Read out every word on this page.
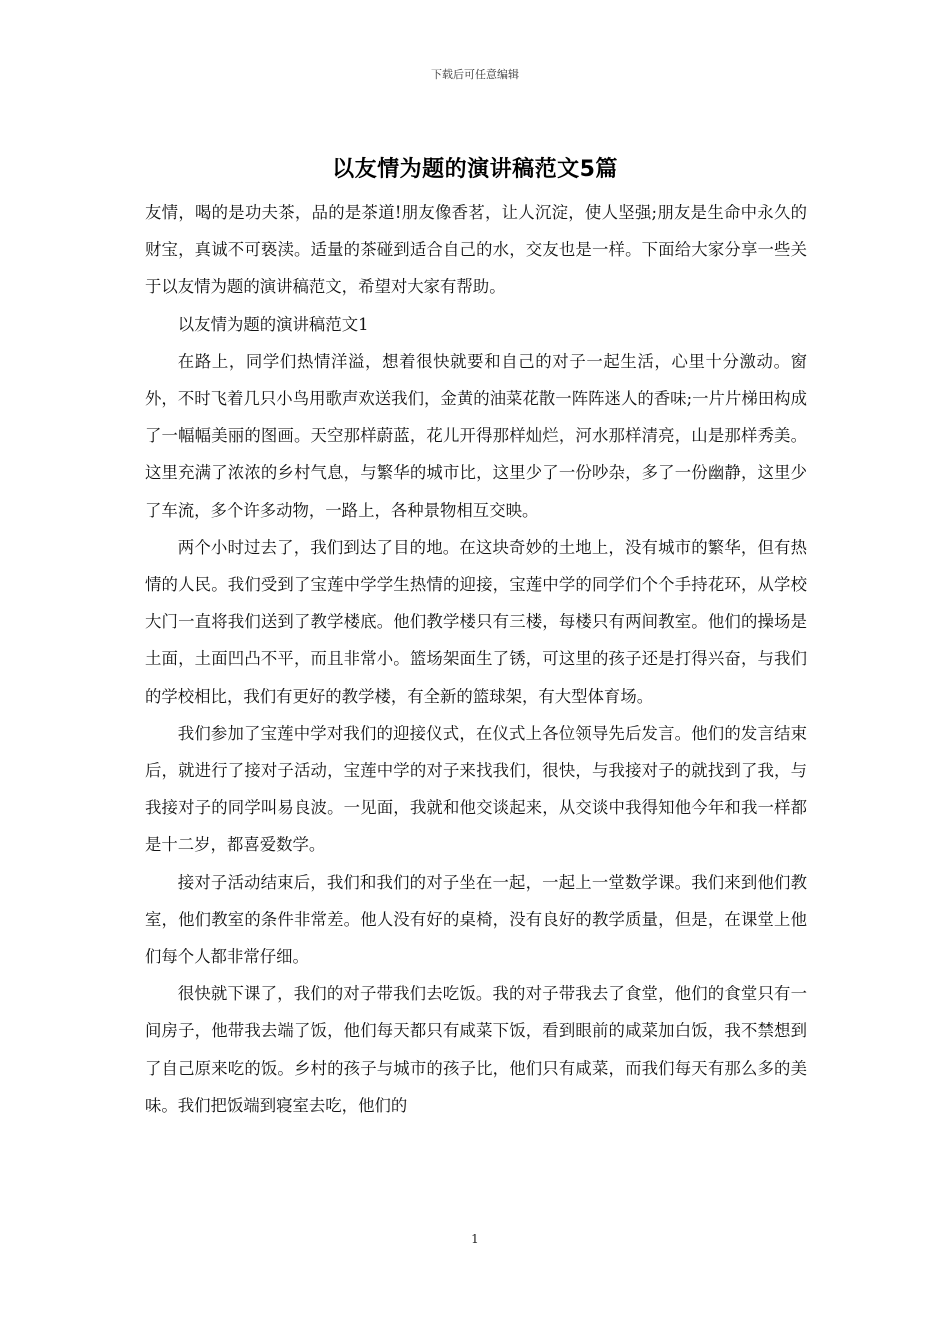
下载后可任意编辑
以友情为题的演讲稿范文5篇

友情，喝的是功夫茶，品的是茶道!朋友像香茗，让人沉淀，使人坚强;朋友是生命中永久的财宝，真诚不可亵渎。适量的茶碰到适合自己的水，交友也是一样。下面给大家分享一些关于以友情为题的演讲稿范文，希望对大家有帮助。

以友情为题的演讲稿范文1

在路上，同学们热情洋溢，想着很快就要和自己的对子一起生活，心里十分激动。窗外，不时飞着几只小鸟用歌声欢送我们，金黄的油菜花散一阵阵迷人的香味;一片片梯田构成了一幅幅美丽的图画。天空那样蔚蓝，花儿开得那样灿烂，河水那样清亮，山是那样秀美。这里充满了浓浓的乡村气息，与繁华的城市比，这里少了一份吵杂，多了一份幽静，这里少了车流，多个许多动物，一路上，各种景物相互交映。

两个小时过去了，我们到达了目的地。在这块奇妙的土地上，没有城市的繁华，但有热情的人民。我们受到了宝莲中学学生热情的迎接，宝莲中学的同学们个个手持花环，从学校大门一直将我们送到了教学楼底。他们教学楼只有三楼，每楼只有两间教室。他们的操场是土面，土面凹凸不平，而且非常小。篮场架面生了锈，可这里的孩子还是打得兴奋，与我们的学校相比，我们有更好的教学楼，有全新的篮球架，有大型体育场。

我们参加了宝莲中学对我们的迎接仪式，在仪式上各位领导先后发言。他们的发言结束后，就进行了接对子活动，宝莲中学的对子来找我们，很快，与我接对子的就找到了我，与我接对子的同学叫易良波。一见面，我就和他交谈起来，从交谈中我得知他今年和我一样都是十二岁，都喜爱数学。

接对子活动结束后，我们和我们的对子坐在一起，一起上一堂数学课。我们来到他们教室，他们教室的条件非常差。他人没有好的桌椅，没有良好的教学质量，但是，在课堂上他们每个人都非常仔细。

很快就下课了，我们的对子带我们去吃饭。我的对子带我去了食堂，他们的食堂只有一间房子，他带我去端了饭，他们每天都只有咸菜下饭，看到眼前的咸菜加白饭，我不禁想到了自己原来吃的饭。乡村的孩子与城市的孩子比，他们只有咸菜，而我们每天有那么多的美味。我们把饭端到寝室去吃，他们的

1
